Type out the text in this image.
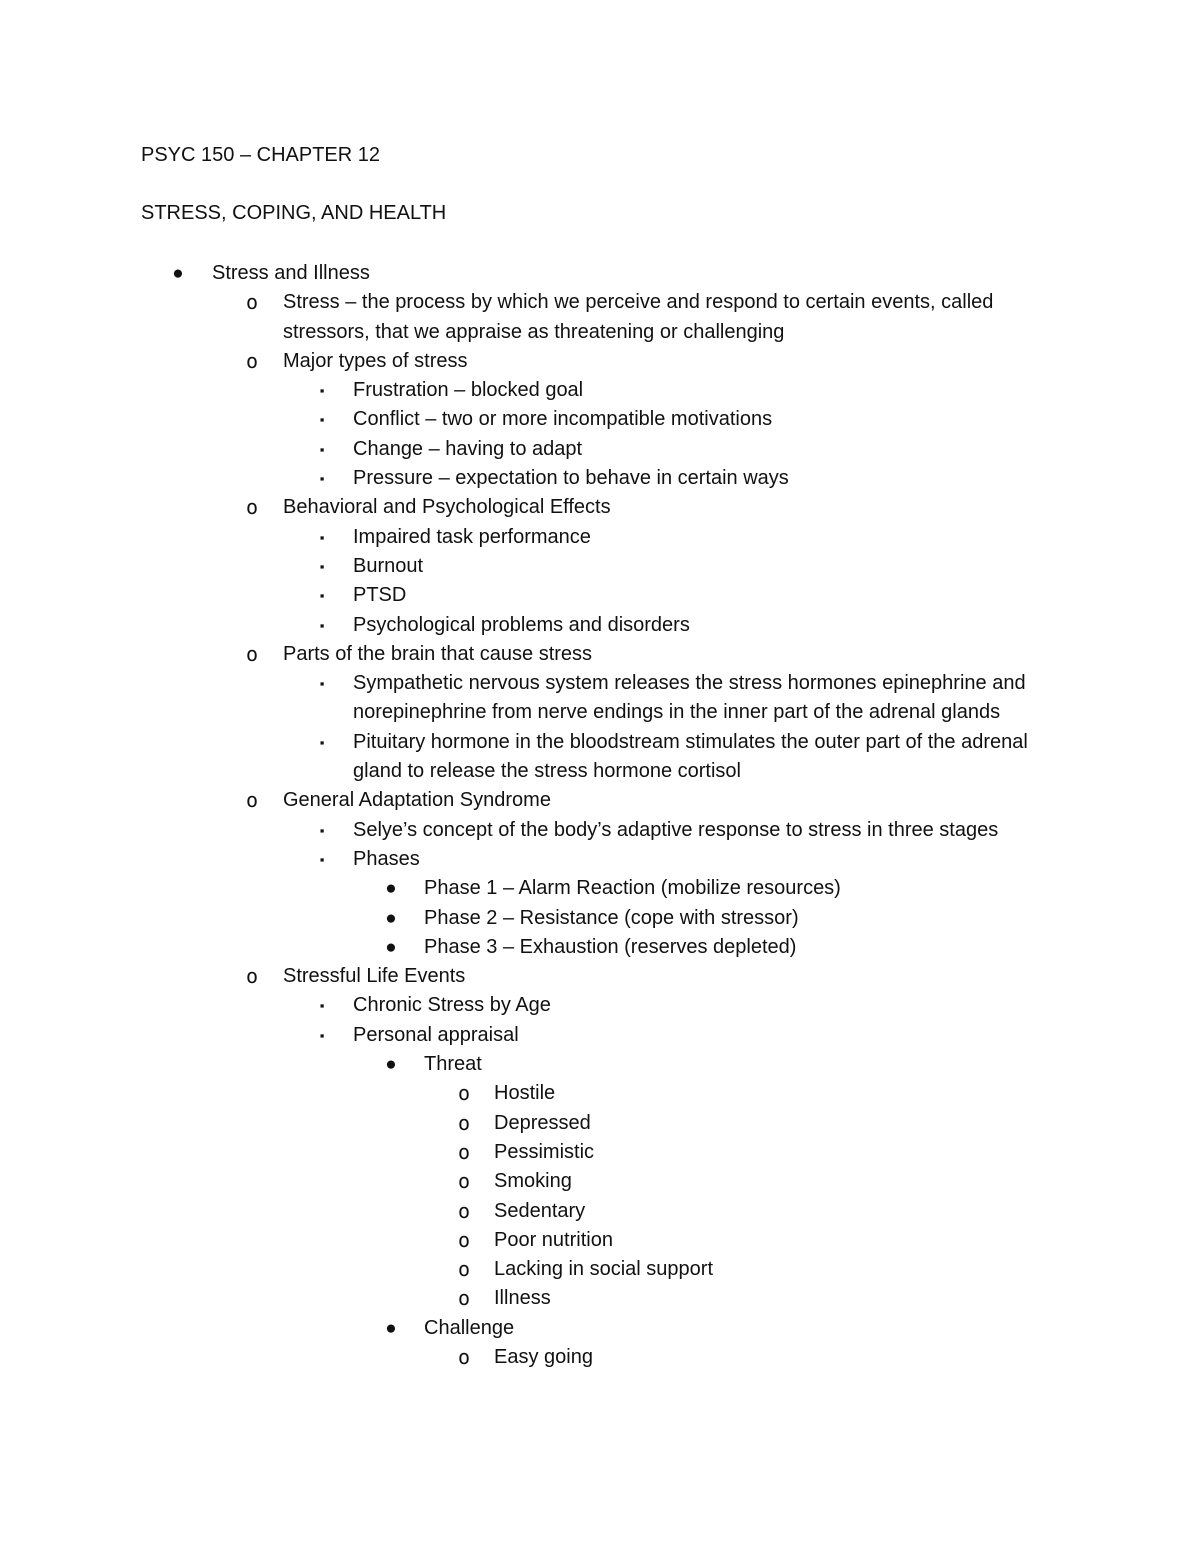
PSYC 150 – CHAPTER 12
STRESS, COPING, AND HEALTH
● Stress and Illness
o Stress – the process by which we perceive and respond to certain events, called stressors, that we appraise as threatening or challenging
o Major types of stress
▪ Frustration – blocked goal
▪ Conflict – two or more incompatible motivations
▪ Change – having to adapt
▪ Pressure – expectation to behave in certain ways
o Behavioral and Psychological Effects
▪ Impaired task performance
▪ Burnout
▪ PTSD
▪ Psychological problems and disorders
o Parts of the brain that cause stress
▪ Sympathetic nervous system releases the stress hormones epinephrine and norepinephrine from nerve endings in the inner part of the adrenal glands
▪ Pituitary hormone in the bloodstream stimulates the outer part of the adrenal gland to release the stress hormone cortisol
o General Adaptation Syndrome
▪ Selye’s concept of the body’s adaptive response to stress in three stages
▪ Phases
● Phase 1 – Alarm Reaction (mobilize resources)
● Phase 2 – Resistance (cope with stressor)
● Phase 3 – Exhaustion (reserves depleted)
o Stressful Life Events
▪ Chronic Stress by Age
▪ Personal appraisal
● Threat
o Hostile
o Depressed
o Pessimistic
o Smoking
o Sedentary
o Poor nutrition
o Lacking in social support
o Illness
● Challenge
o Easy going
